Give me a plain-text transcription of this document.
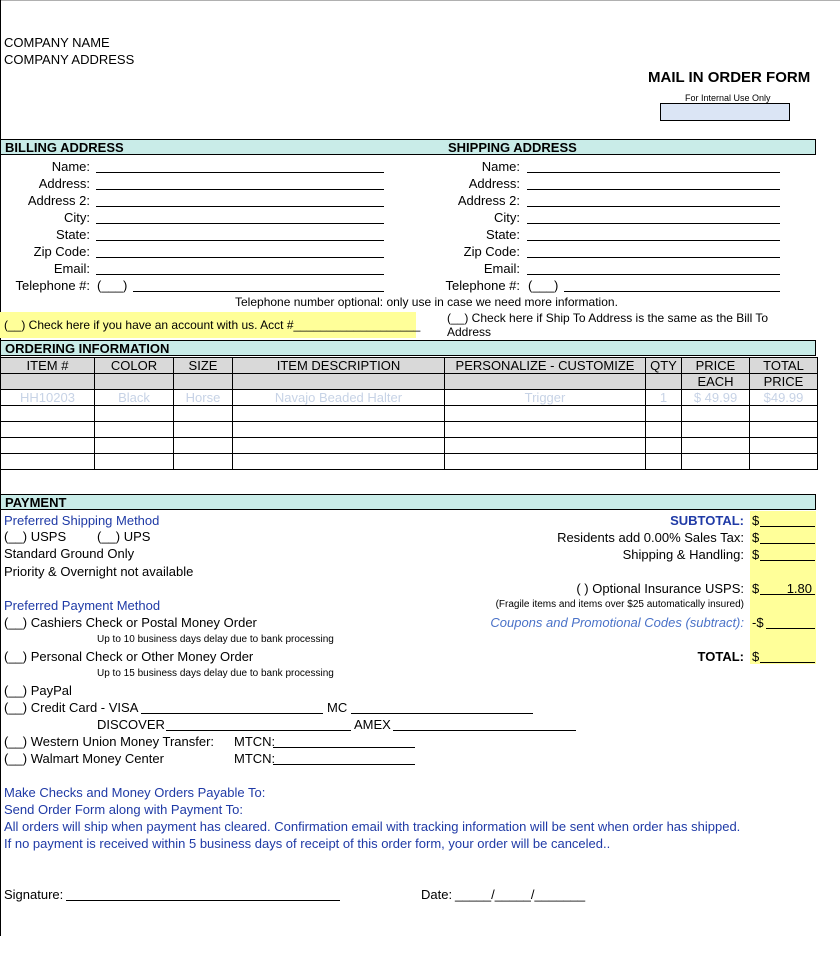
COMPANY NAME
COMPANY ADDRESS
MAIL IN ORDER FORM
For Internal Use Only
BILLING ADDRESS	SHIPPING ADDRESS
Name:
Address:
Address 2:
City:
State:
Zip Code:
Email:
Telephone #: (___)
Name:
Address:
Address 2:
City:
State:
Zip Code:
Email:
Telephone #: (___)
Telephone number optional: only use in case we need more information.
(__) Check here if you have an account with us. Acct #___________________ (__) Check here if Ship To Address is the same as the Bill To Address
ORDERING INFORMATION
ITEM #	COLOR	SIZE	ITEM DESCRIPTION	PERSONALIZE - CUSTOMIZE	QTY	PRICE	TOTAL
						EACH	PRICE
HH10203	Black	Horse	Navajo Beaded Halter	Trigger	1	$ 49.99	$49.99

PAYMENT
Preferred Shipping Method
(__) USPS (__) UPS
Standard Ground Only
Priority & Overnight not available
Preferred Payment Method
(__) Cashiers Check or Postal Money Order
Up to 10 business days delay due to bank processing
(__) Personal Check or Other Money Order
Up to 15 business days delay due to bank processing
(__) PayPal
(__) Credit Card - VISA	MC
DISCOVER	AMEX
(__) Western Union Money Transfer: MTCN:
(__) Walmart Money Center	MTCN:
SUBTOTAL: $
Residents add 0.00% Sales Tax: $
Shipping & Handling: $
( ) Optional Insurance USPS: $ 1.80
(Fragile items and items over $25 automatically insured)
Coupons and Promotional Codes (subtract): -$
TOTAL: $
Make Checks and Money Orders Payable To:
Send Order Form along with Payment To:
All orders will ship when payment has cleared. Confirmation email with tracking information will be sent when order has shipped.
If no payment is received within 5 business days of receipt of this order form, your order will be canceled..
Signature:	Date: _____/_____/_______
